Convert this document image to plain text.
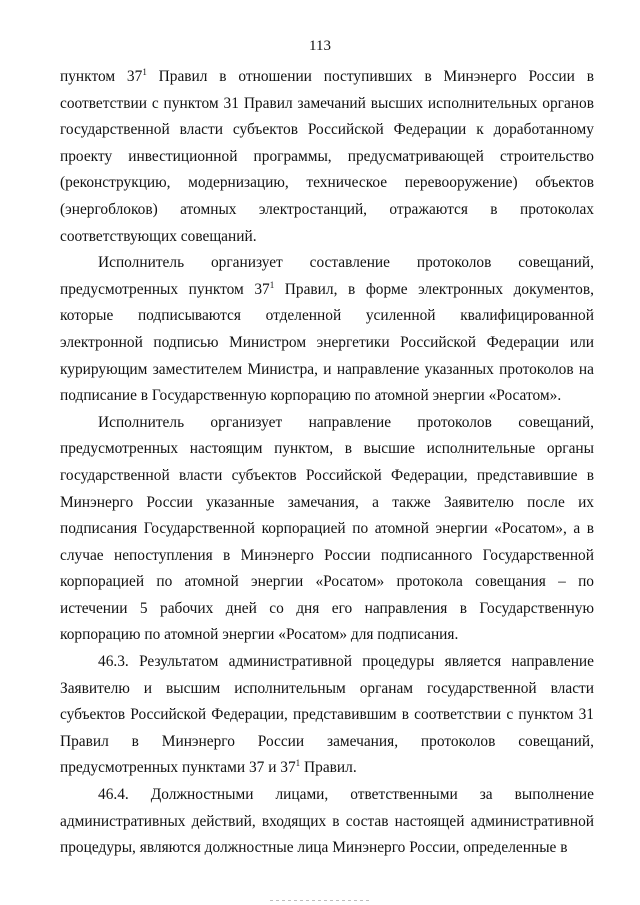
113

пунктом $37^1$ Правил в отношении поступивших в Минэнерго России в соответствии с пунктом 31 Правил замечаний высших исполнительных органов государственной власти субъектов Российской Федерации к доработанному проекту инвестиционной программы, предусматривающей строительство (реконструкцию, модернизацию, техническое перевооружение) объектов (энергоблоков) атомных электростанций, отражаются в протоколах соответствующих совещаний.

Исполнитель организует составление протоколов совещаний, предусмотренных пунктом $37^1$ Правил, в форме электронных документов, которые подписываются отделенной усиленной квалифицированной электронной подписью Министром энергетики Российской Федерации или курирующим заместителем Министра, и направление указанных протоколов на подписание в Государственную корпорацию по атомной энергии «Росатом».

Исполнитель организует направление протоколов совещаний, предусмотренных настоящим пунктом, в высшие исполнительные органы государственной власти субъектов Российской Федерации, представившие в Минэнерго России указанные замечания, а также Заявителю после их подписания Государственной корпорацией по атомной энергии «Росатом», а в случае непоступления в Минэнерго России подписанного Государственной корпорацией по атомной энергии «Росатом» протокола совещания – по истечении 5 рабочих дней со дня его направления в Государственную корпорацию по атомной энергии «Росатом» для подписания.

46.3. Результатом административной процедуры является направление Заявителю и высшим исполнительным органам государственной власти субъектов Российской Федерации, представившим в соответствии с пунктом 31 Правил в Минэнерго России замечания, протоколов совещаний, предусмотренных пунктами 37 и $37^1$ Правил.

46.4. Должностными лицами, ответственными за выполнение административных действий, входящих в состав настоящей административной процедуры, являются должностные лица Минэнерго России, определенные в
